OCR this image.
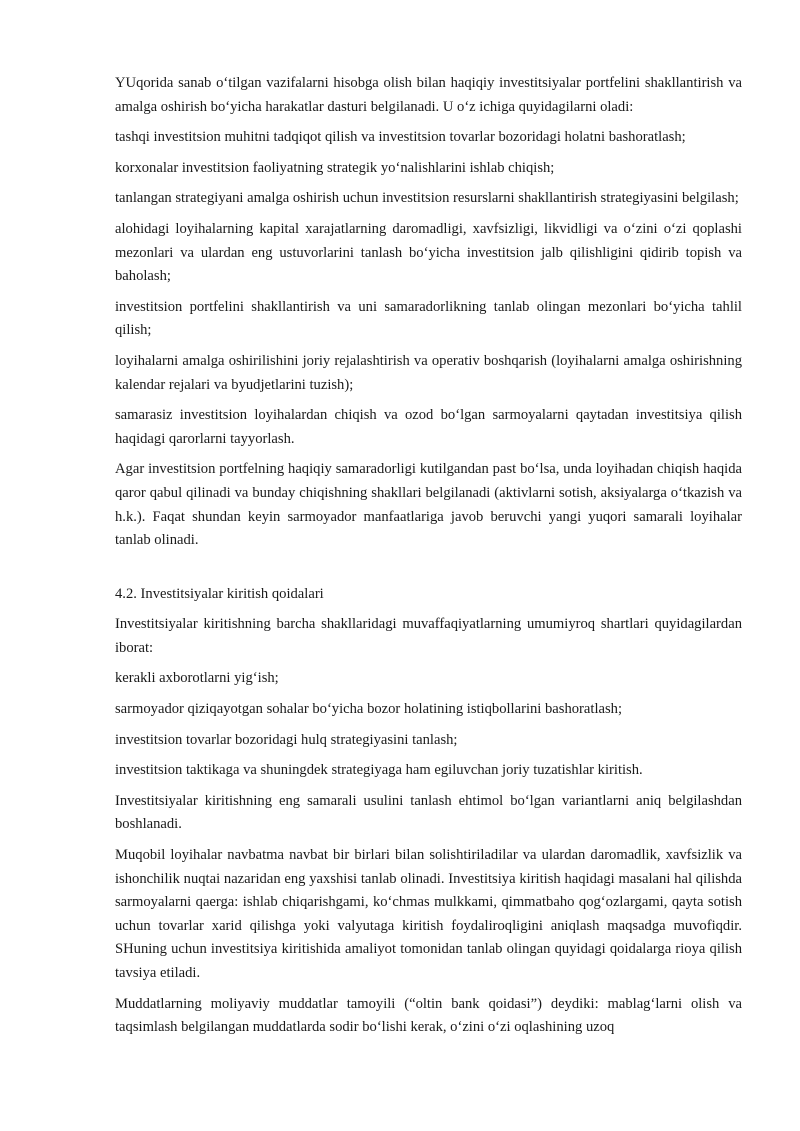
YUqorida sanab o‘tilgan vazifalarni hisobga olish bilan haqiqiy investitsiyalar portfelini shakllantirish va amalga oshirish bo‘yicha harakatlar dasturi belgilanadi. U o‘z ichiga quyidagilarni oladi:

tashqi investitsion muhitni tadqiqot qilish va investitsion tovarlar bozoridagi holatni bashoratlash;

korxonalar investitsion faoliyatning strategik yo‘nalishlarini ishlab chiqish;

tanlangan strategiyani amalga oshirish uchun investitsion resurslarni shakllantirish strategiyasini belgilash;

alohidagi loyihalarning kapital xarajatlarning daromadligi, xavfsizligi, likvidligi va o‘zini o‘zi qoplashi mezonlari va ulardan eng ustuvorlarini tanlash bo‘yicha investitsion jalb qilishligini qidirib topish va baholash;

investitsion portfelini shakllantirish va uni samaradorlikning tanlab olingan mezonlari bo‘yicha tahlil qilish;

loyihalarni amalga oshirilishini joriy rejalashtirish va operativ boshqarish (loyihalarni amalga oshirishning kalendar rejalari va byudjetlarini tuzish);

samarasiz investitsion loyihalardan chiqish va ozod bo‘lgan sarmoyalarni qaytadan investitsiya qilish haqidagi qarorlarni tayyorlash.

Agar investitsion portfelning haqiqiy samaradorligi kutilgandan past bo‘lsa, unda loyihadan chiqish haqida qaror qabul qilinadi va bunday chiqishning shakllari belgilanadi (aktivlarni sotish, aksiyalarga o‘tkazish va h.k.). Faqat shundan keyin sarmoyador manfaatlariga javob beruvchi yangi yuqori samarali loyihalar tanlab olinadi.

4.2. Investitsiyalar kiritish qoidalari

Investitsiyalar kiritishning barcha shakllaridagi muvaffaqiyatlarning umumiyroq shartlari quyidagilardan iborat:

kerakli axborotlarni yig‘ish;

sarmoyador qiziqayotgan sohalar bo‘yicha bozor holatining istiqbollarini bashoratlash;

investitsion tovarlar bozoridagi hulq strategiyasini tanlash;

investitsion taktikaga va shuningdek strategiyaga ham egiluvchan joriy tuzatishlar kiritish.

Investitsiyalar kiritishning eng samarali usulini tanlash ehtimol bo‘lgan variantlarni aniq belgilashdan boshlanadi.

Muqobil loyihalar navbatma navbat bir birlari bilan solishtiriladilar va ulardan daromadlik, xavfsizlik va ishonchilik nuqtai nazaridan eng yaxshisi tanlab olinadi. Investitsiya kiritish haqidagi masalani hal qilishda sarmoyalarni qaerga: ishlab chiqarishgami, ko‘chmas mulkkami, qimmatbaho qog‘ozlargami, qayta sotish uchun tovarlar xarid qilishga yoki valyutaga kiritish foydaliroqligini aniqlash maqsadga muvofiqdir. SHuning uchun investitsiya kiritishida amaliyot tomonidan tanlab olingan quyidagi qoidalarga rioya qilish tavsiya etiladi.

Muddatlarning moliyaviy muddatlar tamoyili (“oltin bank qoidasi”) deydiki: mablag‘larni olish va taqsimlash belgilangan muddatlarda sodir bo‘lishi kerak, o‘zini o‘zi oqlashining uzoq
